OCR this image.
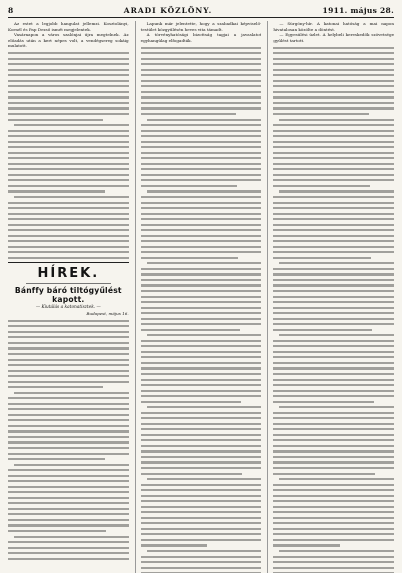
8	ARADI KÖZLÖNY.	1911. május 28.

Az estet a legjobb hangulat jellemzi. Kosztolányi, Kornél és Pap Dezső ismét megjelentek.

Vasárnapon a város szalónjai újra megtelnek. Az előadás után a kert népes volt, a vendégsereg sokáig mulatott.

HÍREK.
Bánffy báró tiltógyűlést kapott.
— Kiutálás a katonatisztek. —
Budapest, május 16.

Lapunk már jelentette, hogy a szabadkai képviselő-testület közgyűlésén heves vita támadt.

A törvényhatósági bizottság tagjai a javaslatot egyhangúlag elfogadták.

— Sürgöny-hír. A katonai hatóság a mai napon hivatalosan közölte a döntést.

— Egyesülési üzlet. A helybeli kereskedők szövetsége gyűlést tartott.
